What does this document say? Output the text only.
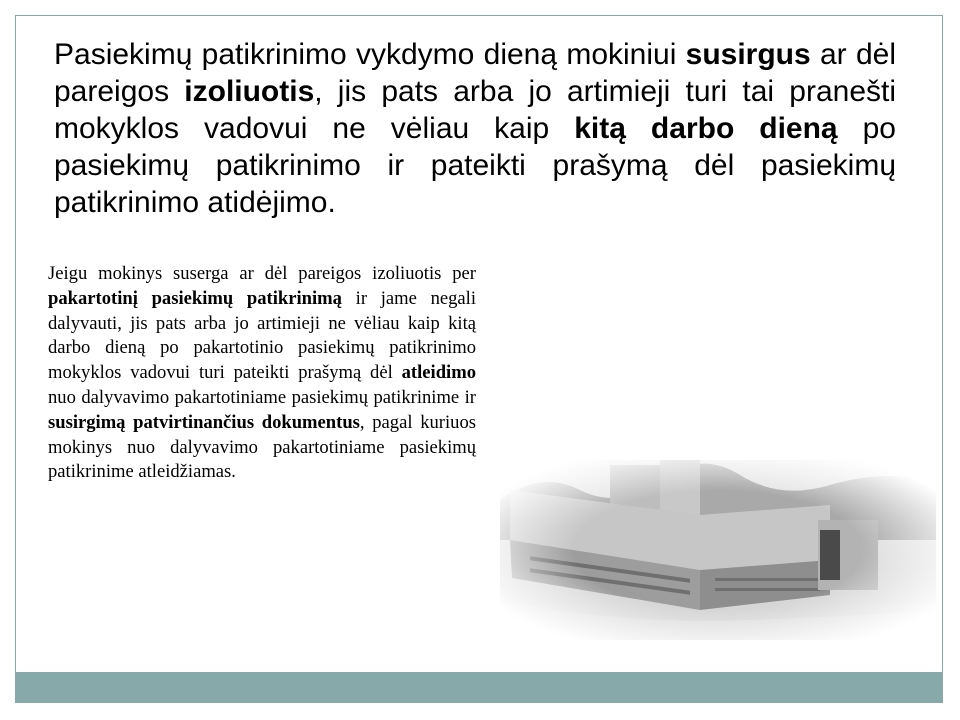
Pasiekimų patikrinimo vykdymo dieną mokiniui susirgus ar dėl pareigos izoliuotis, jis pats arba jo artimieji turi tai pranešti mokyklos vadovui ne vėliau kaip kitą darbo dieną po pasiekimų patikrinimo ir pateikti prašymą dėl pasiekimų patikrinimo atidėjimo.
Jeigu mokinys suserga ar dėl pareigos izoliuotis per pakartotinį pasiekimų patikrinimą ir jame negali dalyvauti, jis pats arba jo artimieji ne vėliau kaip kitą darbo dieną po pakartotinio pasiekimų patikrinimo mokyklos vadovui turi pateikti prašymą dėl atleidimo nuo dalyvavimo pakartotiniame pasiekimų patikrinime ir susirgimą patvirtinančius dokumentus, pagal kuriuos mokinys nuo dalyvavimo pakartotiniame pasiekimų patikrinime atleidžiamas.
